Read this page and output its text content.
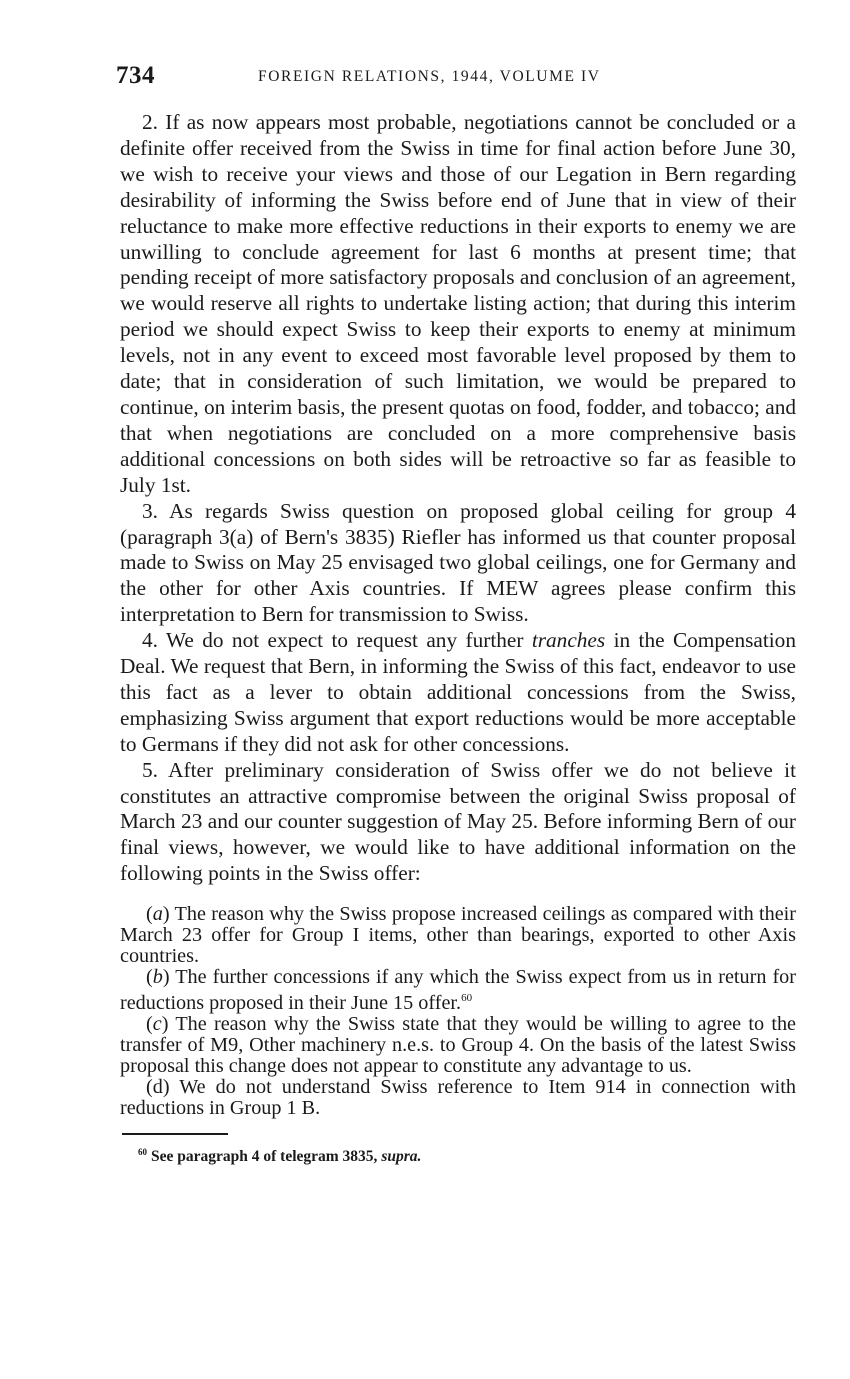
734	FOREIGN RELATIONS, 1944, VOLUME IV

2. If as now appears most probable, negotiations cannot be concluded or a definite offer received from the Swiss in time for final action before June 30, we wish to receive your views and those of our Legation in Bern regarding desirability of informing the Swiss before end of June that in view of their reluctance to make more effective reductions in their exports to enemy we are unwilling to conclude agreement for last 6 months at present time; that pending receipt of more satisfactory proposals and conclusion of an agreement, we would reserve all rights to undertake listing action; that during this interim period we should expect Swiss to keep their exports to enemy at minimum levels, not in any event to exceed most favorable level proposed by them to date; that in consideration of such limitation, we would be prepared to continue, on interim basis, the present quotas on food, fodder, and tobacco; and that when negotiations are concluded on a more comprehensive basis additional concessions on both sides will be retroactive so far as feasible to July 1st.

3. As regards Swiss question on proposed global ceiling for group 4 (paragraph 3(a) of Bern's 3835) Riefler has informed us that counter proposal made to Swiss on May 25 envisaged two global ceilings, one for Germany and the other for other Axis countries. If MEW agrees please confirm this interpretation to Bern for transmission to Swiss.

4. We do not expect to request any further tranches in the Compensation Deal. We request that Bern, in informing the Swiss of this fact, endeavor to use this fact as a lever to obtain additional concessions from the Swiss, emphasizing Swiss argument that export reductions would be more acceptable to Germans if they did not ask for other concessions.

5. After preliminary consideration of Swiss offer we do not believe it constitutes an attractive compromise between the original Swiss proposal of March 23 and our counter suggestion of May 25. Before informing Bern of our final views, however, we would like to have additional information on the following points in the Swiss offer:

(a) The reason why the Swiss propose increased ceilings as compared with their March 23 offer for Group I items, other than bearings, exported to other Axis countries.

(b) The further concessions if any which the Swiss expect from us in return for reductions proposed in their June 15 offer.$^{60}$

(c) The reason why the Swiss state that they would be willing to agree to the transfer of M9, Other machinery n.e.s. to Group 4. On the basis of the latest Swiss proposal this change does not appear to constitute any advantage to us.

(d) We do not understand Swiss reference to Item 914 in connection with reductions in Group 1 B.

$^{60}$ See paragraph 4 of telegram 3835, supra.
